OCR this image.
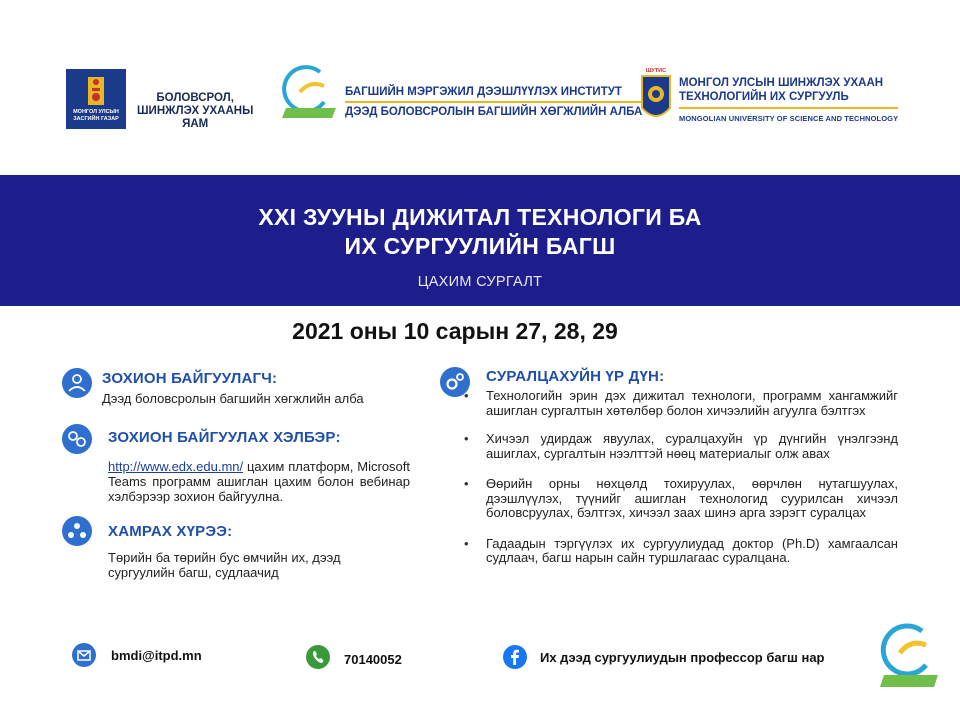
МОНГОЛ УЛСЫН
ЗАСГИЙН ГАЗАР
БОЛОВСРОЛ,
ШИНЖЛЭХ УХААНЫ
ЯАМ
БАГШИЙН МЭРГЭЖИЛ ДЭЭШЛҮҮЛЭХ ИНСТИТУТ
ДЭЭД БОЛОВСРОЛЫН БАГШИЙН ХӨГЖЛИЙН АЛБА
ШУТИС
МОНГОЛ УЛСЫН ШИНЖЛЭХ УХААН
ТЕХНОЛОГИЙН ИХ СУРГУУЛЬ
MONGOLIAN UNIVERSITY OF SCIENCE AND TECHNOLOGY
XXI ЗУУНЫ ДИЖИТАЛ ТЕХНОЛОГИ БА
ИХ СУРГУУЛИЙН БАГШ
ЦАХИМ СУРГАЛТ
2021 оны 10 сарын 27, 28, 29
ЗОХИОН БАЙГУУЛАГЧ:
Дээд боловсролын багшийн хөгжлийн алба
ЗОХИОН БАЙГУУЛАХ ХЭЛБЭР:
http://www.edx.edu.mn/ цахим платформ, Microsoft Teams программ ашиглан цахим болон вебинар хэлбэрээр зохион байгуулна.
ХАМРАХ ХҮРЭЭ:
Төрийн ба төрийн бус өмчийн их, дээд сургуулийн багш, судлаачид
СУРАЛЦАХУЙН ҮР ДҮН:
• Технологийн эрин дэх дижитал технологи, программ хангамжийг ашиглан сургалтын хөтөлбөр болон хичээлийн агуулга бэлтгэх
• Хичээл удирдаж явуулах, суралцахуйн үр дүнгийн үнэлгээнд ашиглах, сургалтын нээлттэй нөөц материалыг олж авах
• Өөрийн орны нөхцөлд тохируулах, өөрчлөн нутагшуулах, дээшлүүлэх, түүнийг ашиглан технологид суурилсан хичээл боловсруулах, бэлтгэх, хичээл заах шинэ арга зэрэгт суралцах
• Гадаадын тэргүүлэх их сургуулиудад доктор (Ph.D) хамгаалсан судлаач, багш нарын сайн туршлагаас суралцана.
bmdi@itpd.mn	70140052	Их дээд сургуулиудын профессор багш нар
